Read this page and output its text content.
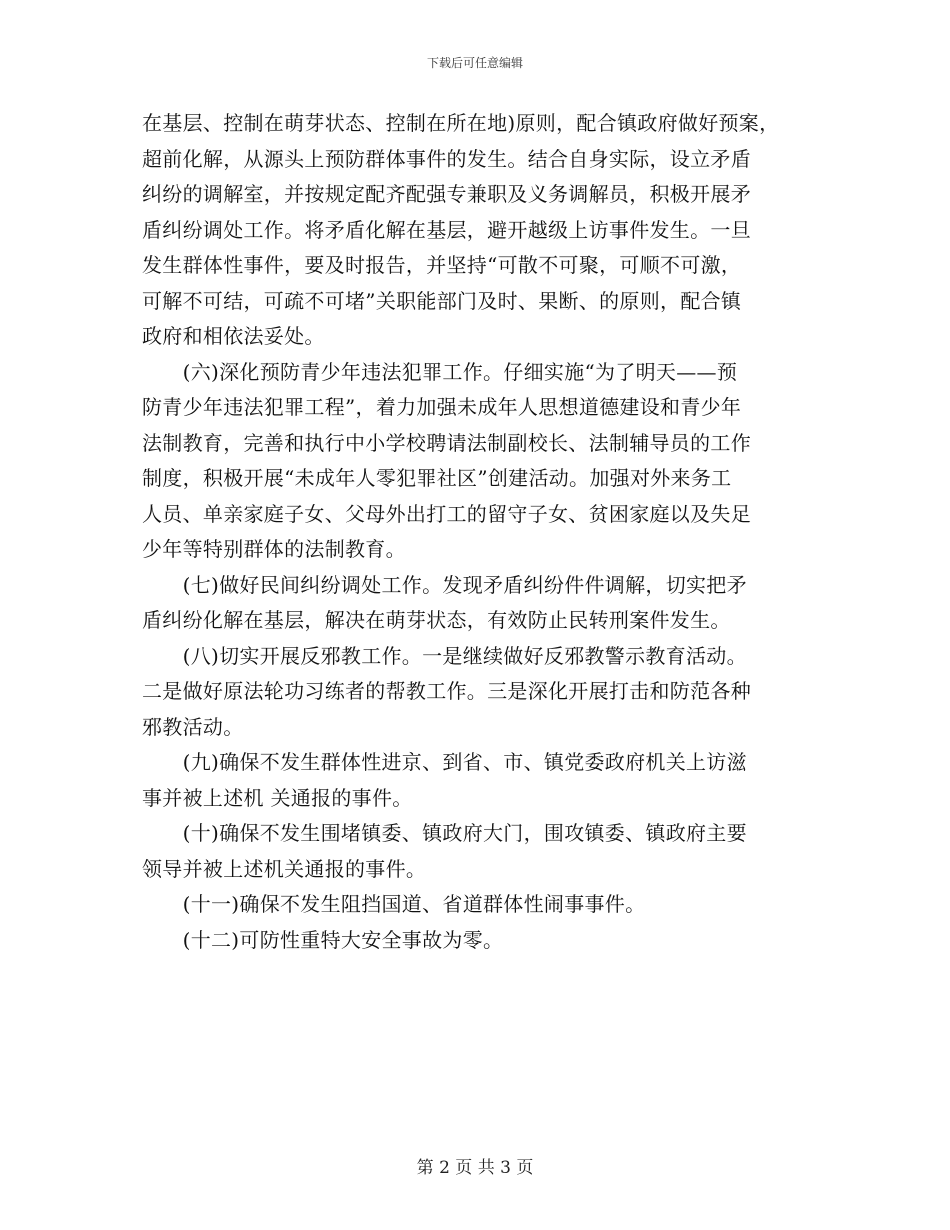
下载后可任意编辑
在基层、控制在萌芽状态、控制在所在地)原则，配合镇政府做好预案，
超前化解，从源头上预防群体事件的发生。结合自身实际，设立矛盾
纠纷的调解室，并按规定配齐配强专兼职及义务调解员，积极开展矛
盾纠纷调处工作。将矛盾化解在基层，避开越级上访事件发生。一旦
发生群体性事件，要及时报告，并坚持“可散不可聚，可顺不可激，
可解不可结，可疏不可堵”关职能部门及时、果断、的原则，配合镇
政府和相依法妥处。
　　(六)深化预防青少年违法犯罪工作。仔细实施“为了明天——预
防青少年违法犯罪工程”，着力加强未成年人思想道德建设和青少年
法制教育，完善和执行中小学校聘请法制副校长、法制辅导员的工作
制度，积极开展“未成年人零犯罪社区”创建活动。加强对外来务工
人员、单亲家庭子女、父母外出打工的留守子女、贫困家庭以及失足
少年等特别群体的法制教育。
　　(七)做好民间纠纷调处工作。发现矛盾纠纷件件调解，切实把矛
盾纠纷化解在基层，解决在萌芽状态，有效防止民转刑案件发生。
　　(八)切实开展反邪教工作。一是继续做好反邪教警示教育活动。
二是做好原法轮功习练者的帮教工作。三是深化开展打击和防范各种
邪教活动。
　　(九)确保不发生群体性进京、到省、市、镇党委政府机关上访滋
事并被上述机 关通报的事件。
　　(十)确保不发生围堵镇委、镇政府大门，围攻镇委、镇政府主要
领导并被上述机关通报的事件。
　　(十一)确保不发生阻挡国道、省道群体性闹事事件。
　　(十二)可防性重特大安全事故为零。
第 2 页 共 3 页
